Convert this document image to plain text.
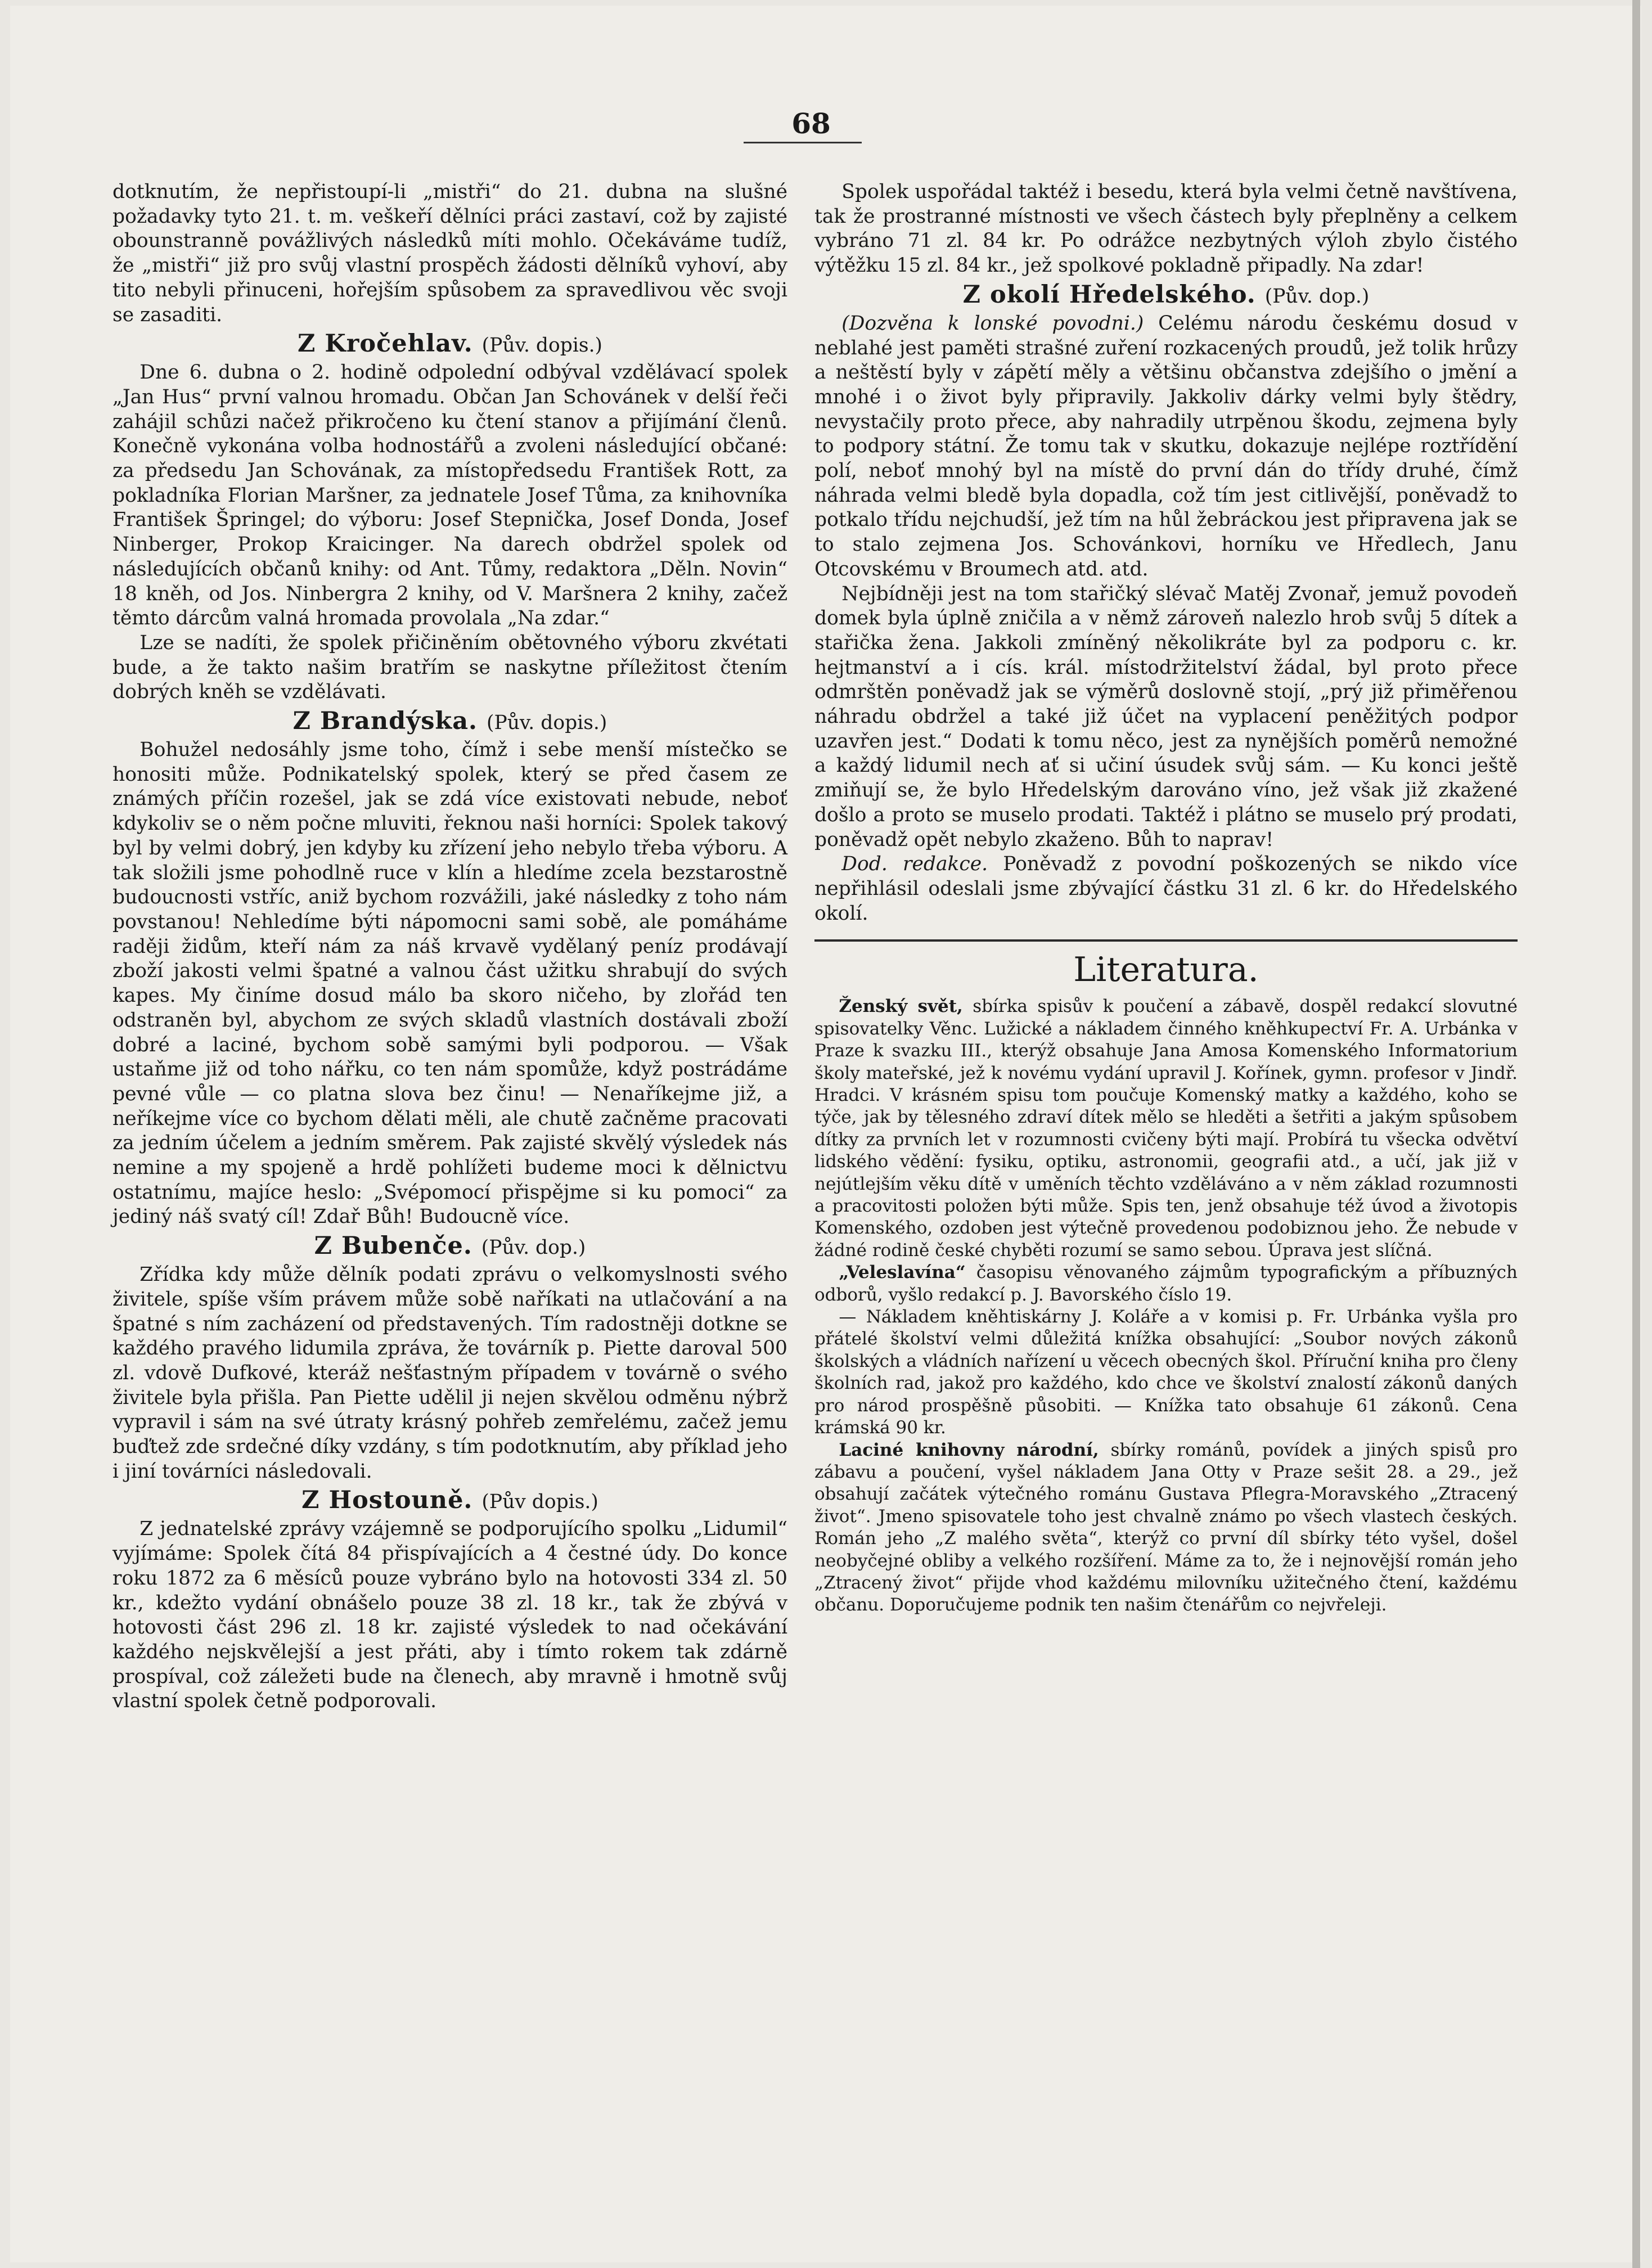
68

dotknutím, že nepřistoupí-li „mistři“ do 21. dubna na slušné požadavky tyto 21. t. m. veškeří dělníci práci zastaví, což by zajisté obounstranně povážlivých následků míti mohlo. Očekáváme tudíž, že „mistři“ již pro svůj vlastní prospěch žádosti dělníků vyhoví, aby tito nebyli přinuceni, hořejším spůsobem za spravedlivou věc svoji se zasaditi.

Z Kročehlav. (Pův. dopis.)

Dne 6. dubna o 2. hodině odpolední odbýval vzdělávací spolek „Jan Hus“ první valnou hromadu. Občan Jan Schovánek v delší řeči zahájil schůzi načež přikročeno ku čtení stanov a přijímání členů. Konečně vykonána volba hodnostářů a zvoleni následující občané: za předsedu Jan Schovának, za místopředsedu František Rott, za pokladníka Florian Maršner, za jednatele Josef Tůma, za knihovníka František Špringel; do výboru: Josef Stepnička, Josef Donda, Josef Ninberger, Prokop Kraicinger. Na darech obdržel spolek od následujících občanů knihy: od Ant. Tůmy, redaktora „Děln. Novin“ 18 kněh, od Jos. Ninbergra 2 knihy, od V. Maršnera 2 knihy, začež těmto dárcům valná hromada provolala „Na zdar.“

Lze se nadíti, že spolek přičiněním obětovného výboru zkvétati bude, a že takto našim bratřím se naskytne příležitost čtením dobrých kněh se vzdělávati.

Z Brandýska. (Pův. dopis.)

Bohužel nedosáhly jsme toho, čímž i sebe menší místečko se honositi může. Podnikatelský spolek, který se před časem ze známých příčin rozešel, jak se zdá více existovati nebude, neboť kdykoliv se o něm počne mluviti, řeknou naši horníci: Spolek takový byl by velmi dobrý, jen kdyby ku zřízení jeho nebylo třeba výboru. A tak složili jsme pohodlně ruce v klín a hledíme zcela bezstarostně budoucnosti vstříc, aniž bychom rozvážili, jaké následky z toho nám povstanou! Nehledíme býti nápomocni sami sobě, ale pomáháme raději židům, kteří nám za náš krvavě vydělaný peníz prodávají zboží jakosti velmi špatné a valnou část užitku shrabují do svých kapes. My činíme dosud málo ba skoro ničeho, by zlořád ten odstraněn byl, abychom ze svých skladů vlastních dostávali zboží dobré a laciné, bychom sobě samými byli podporou. — Však ustaňme již od toho nářku, co ten nám spomůže, když postrádáme pevné vůle — co platna slova bez činu! — Nenaříkejme již, a neříkejme více co bychom dělati měli, ale chutě začněme pracovati za jedním účelem a jedním směrem. Pak zajisté skvělý výsledek nás nemine a my spojeně a hrdě pohlížeti budeme moci k dělnictvu ostatnímu, majíce heslo: „Svépomocí přispějme si ku pomoci“ za jediný náš svatý cíl! Zdař Bůh! Budoucně více.

Z Bubenče. (Pův. dop.)

Zřídka kdy může dělník podati zprávu o velkomyslnosti svého živitele, spíše vším právem může sobě naříkati na utlačování a na špatné s ním zacházení od představených. Tím radostněji dotkne se každého pravého lidumila zpráva, že továrník p. Piette daroval 500 zl. vdově Dufkové, kteráž nešťastným případem v továrně o svého živitele byla přišla. Pan Piette udělil ji nejen skvělou odměnu nýbrž vypravil i sám na své útraty krásný pohřeb zemřelému, začež jemu buďtež zde srdečné díky vzdány, s tím podotknutím, aby příklad jeho i jiní továrníci následovali.

Z Hostouně. (Pův dopis.)

Z jednatelské zprávy vzájemně se podporujícího spolku „Lidumil“ vyjímáme: Spolek čítá 84 přispívajících a 4 čestné údy. Do konce roku 1872 za 6 měsíců pouze vybráno bylo na hotovosti 334 zl. 50 kr., kdežto vydání obnášelo pouze 38 zl. 18 kr., tak že zbývá v hotovosti část 296 zl. 18 kr. zajisté výsledek to nad očekávání každého nejskvělejší a jest přáti, aby i tímto rokem tak zdárně prospíval, což záležeti bude na členech, aby mravně i hmotně svůj vlastní spolek četně podporovali.

Spolek uspořádal taktéž i besedu, která byla velmi četně navštívena, tak že prostranné místnosti ve všech částech byly přeplněny a celkem vybráno 71 zl. 84 kr. Po odrážce nezbytných výloh zbylo čistého výtěžku 15 zl. 84 kr., jež spolkové pokladně připadly. Na zdar!

Z okolí Hředelského. (Pův. dop.)

(Dozvěna k lonské povodni.) Celému národu českému dosud v neblahé jest paměti strašné zuření rozkacených proudů, jež tolik hrůzy a neštěstí byly v zápětí měly a většinu občanstva zdejšího o jmění a mnohé i o život byly připravily. Jakkoliv dárky velmi byly štědry, nevystačily proto přece, aby nahradily utrpěnou škodu, zejmena byly to podpory státní. Že tomu tak v skutku, dokazuje nejlépe roztřídění polí, neboť mnohý byl na místě do první dán do třídy druhé, čímž náhrada velmi bledě byla dopadla, což tím jest citlivější, poněvadž to potkalo třídu nejchudší, jež tím na hůl žebráckou jest připravena jak se to stalo zejmena Jos. Schovánkovi, horníku ve Hředlech, Janu Otcovskému v Broumech atd. atd.

Nejbídněji jest na tom stařičký slévač Matěj Zvonař, jemuž povodeň domek byla úplně zničila a v němž zároveň nalezlo hrob svůj 5 dítek a stařička žena. Jakkoli zmíněný několikráte byl za podporu c. kr. hejtmanství a i cís. král. místodržitelství žádal, byl proto přece odmrštěn poněvadž jak se výměrů doslovně stojí, „prý již přiměřenou náhradu obdržel a také již účet na vyplacení peněžitých podpor uzavřen jest.“ Dodati k tomu něco, jest za nynějších poměrů nemožné a každý lidumil nech ať si učiní úsudek svůj sám. — Ku konci ještě zmiňují se, že bylo Hředelským darováno víno, jež však již zkažené došlo a proto se muselo prodati. Taktéž i plátno se muselo prý prodati, poněvadž opět nebylo zkaženo. Bůh to naprav!

Dod. redakce. Poněvadž z povodní poškozených se nikdo více nepřihlásil odeslali jsme zbývající částku 31 zl. 6 kr. do Hředelského okolí.

Literatura.

Ženský svět, sbírka spisův k poučení a zábavě, dospěl redakcí slovutné spisovatelky Věnc. Lužické a nákladem činného kněhkupectví Fr. A. Urbánka v Praze k svazku III., kterýž obsahuje Jana Amosa Komenského Informatorium školy mateřské, jež k novému vydání upravil J. Kořínek, gymn. profesor v Jindř. Hradci. V krásném spisu tom poučuje Komenský matky a každého, koho se týče, jak by tělesného zdraví dítek mělo se hleděti a šetřiti a jakým spůsobem dítky za prvních let v rozumnosti cvičeny býti mají. Probírá tu všecka odvětví lidského vědění: fysiku, optiku, astronomii, geografii atd., a učí, jak již v nejútlejším věku dítě v uměních těchto vzděláváno a v něm základ rozumnosti a pracovitosti položen býti může. Spis ten, jenž obsahuje též úvod a životopis Komenského, ozdoben jest výtečně provedenou podobiznou jeho. Že nebude v žádné rodině české chyběti rozumí se samo sebou. Úprava jest slíčná.

„Veleslavína“ časopisu věnovaného zájmům typografickým a příbuzných odborů, vyšlo redakcí p. J. Bavorského číslo 19.

— Nákladem kněhtiskárny J. Koláře a v komisi p. Fr. Urbánka vyšla pro přátelé školství velmi důležitá knížka obsahující: „Soubor nových zákonů školských a vládních nařízení u věcech obecných škol. Příruční kniha pro členy školních rad, jakož pro každého, kdo chce ve školství znalostí zákonů daných pro národ prospěšně působiti. — Knížka tato obsahuje 61 zákonů. Cena krámská 90 kr.

Laciné knihovny národní, sbírky románů, povídek a jiných spisů pro zábavu a poučení, vyšel nákladem Jana Otty v Praze sešit 28. a 29., jež obsahují začátek výtečného románu Gustava Pflegra-Moravského „Ztracený život“. Jmeno spisovatele toho jest chvalně známo po všech vlastech českých. Román jeho „Z malého světa“, kterýž co první díl sbírky této vyšel, došel neobyčejné obliby a velkého rozšíření. Máme za to, že i nejnovější román jeho „Ztracený život“ přijde vhod každému milovníku užitečného čtení, každému občanu. Doporučujeme podnik ten našim čtenářům co nejvřeleji.
